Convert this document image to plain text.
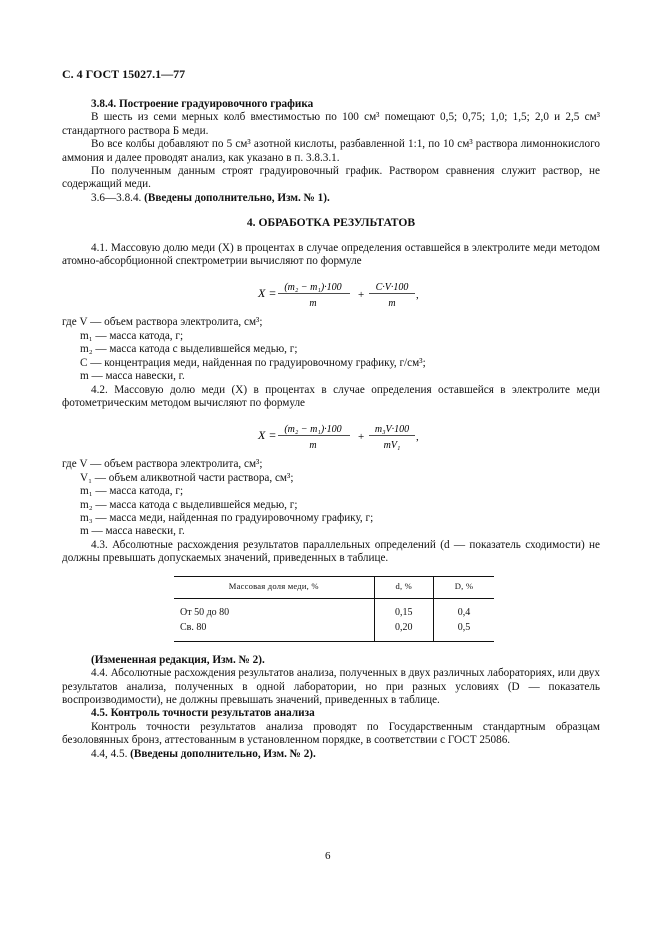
С. 4 ГОСТ 15027.1—77

3.8.4. Построение градуировочного графика

В шесть из семи мерных колб вместимостью по 100 см³ помещают 0,5; 0,75; 1,0; 1,5; 2,0 и 2,5 см³ стандартного раствора Б меди.

Во все колбы добавляют по 5 см³ азотной кислоты, разбавленной 1:1, по 10 см³ раствора лимоннокислого аммония и далее проводят анализ, как указано в п. 3.8.3.1.

По полученным данным строят градуировочный график. Раствором сравнения служит раствор, не содержащий меди.

3.6—3.8.4. (Введены дополнительно, Изм. № 1).

4. ОБРАБОТКА РЕЗУЛЬТАТОВ

4.1. Массовую долю меди (X) в процентах в случае определения оставшейся в электролите меди методом атомно-абсорбционной спектрометрии вычисляют по формуле

X = (m₂ − m₁)·100
m
+
C·V·100
m
,

где V — объем раствора электролита, см³;

m₁ — масса катода, г;

m₂ — масса катода с выделившейся медью, г;

C — концентрация меди, найденная по градуировочному графику, г/см³;

m — масса навески, г.

4.2. Массовую долю меди (X) в процентах в случае определения оставшейся в электролите меди фотометрическим методом вычисляют по формуле

X = (m₂ − m₁)·100
m
+
m₃V·100
mV₁
,

где V — объем раствора электролита, см³;

V₁ — объем аликвотной части раствора, см³;

m₁ — масса катода, г;

m₂ — масса катода с выделившейся медью, г;

m₃ — масса меди, найденная по градуировочному графику, г;

m — масса навески, г.

4.3. Абсолютные расхождения результатов параллельных определений (d — показатель сходимости) не должны превышать допускаемых значений, приведенных в таблице.

Массовая доля меди, %	d, %	D, %

От 50 до 80	0,15	0,4
Св. 80	0,20	0,5

(Измененная редакция, Изм. № 2).

4.4. Абсолютные расхождения результатов анализа, полученных в двух различных лабораториях, или двух результатов анализа, полученных в одной лаборатории, но при разных условиях (D — показатель воспроизводимости), не должны превышать значений, приведенных в таблице.

4.5. Контроль точности результатов анализа

Контроль точности результатов анализа проводят по Государственным стандартным образцам безоловянных бронз, аттестованным в установленном порядке, в соответствии с ГОСТ 25086.

4.4, 4.5. (Введены дополнительно, Изм. № 2).

6
